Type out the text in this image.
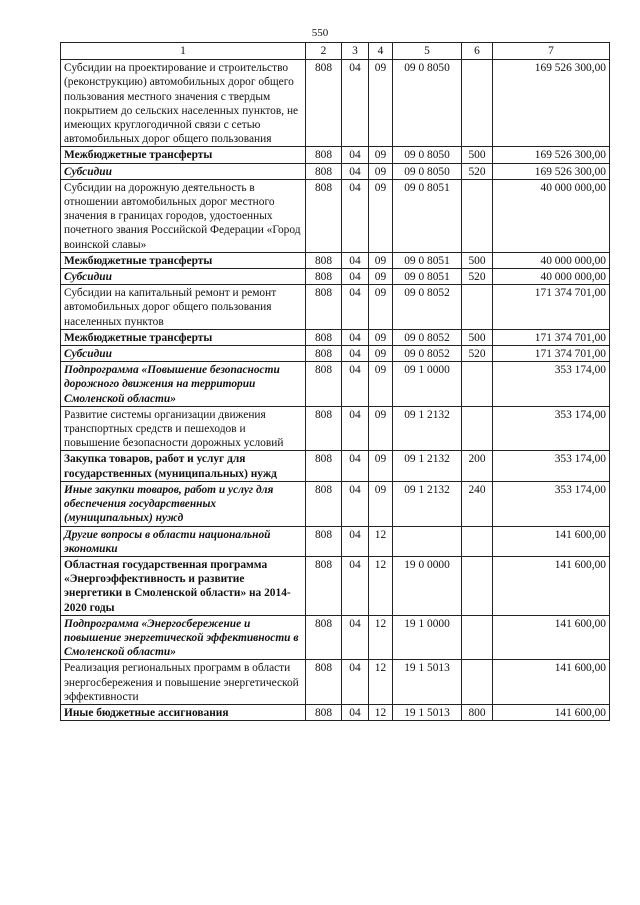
550
1	2	3	4	5	6	7
Субсидии на проектирование и строительство (реконструкцию) автомобильных дорог общего пользования местного значения с твердым покрытием до сельских населенных пунктов, не имеющих круглогодичной связи с сетью автомобильных дорог общего пользования	808	04	09	09 0 8050		169 526 300,00
Межбюджетные трансферты	808	04	09	09 0 8050	500	169 526 300,00
Субсидии	808	04	09	09 0 8050	520	169 526 300,00
Субсидии на дорожную деятельность в отношении автомобильных дорог местного значения в границах городов, удостоенных почетного звания Российской Федерации «Город воинской славы»	808	04	09	09 0 8051		40 000 000,00
Межбюджетные трансферты	808	04	09	09 0 8051	500	40 000 000,00
Субсидии	808	04	09	09 0 8051	520	40 000 000,00
Субсидии на капитальный ремонт и ремонт автомобильных дорог общего пользования населенных пунктов	808	04	09	09 0 8052		171 374 701,00
Межбюджетные трансферты	808	04	09	09 0 8052	500	171 374 701,00
Субсидии	808	04	09	09 0 8052	520	171 374 701,00
Подпрограмма «Повышение безопасности дорожного движения на территории Смоленской области»	808	04	09	09 1 0000		353 174,00
Развитие системы организации движения транспортных средств и пешеходов и повышение безопасности дорожных условий	808	04	09	09 1 2132		353 174,00
Закупка товаров, работ и услуг для государственных (муниципальных) нужд	808	04	09	09 1 2132	200	353 174,00
Иные закупки товаров, работ и услуг для обеспечения государственных (муниципальных) нужд	808	04	09	09 1 2132	240	353 174,00
Другие вопросы в области национальной экономики	808	04	12			141 600,00
Областная государственная программа «Энергоэффективность и развитие энергетики в Смоленской области» на 2014-2020 годы	808	04	12	19 0 0000		141 600,00
Подпрограмма «Энергосбережение и повышение энергетической эффективности в Смоленской области»	808	04	12	19 1 0000		141 600,00
Реализация региональных программ в области энергосбережения и повышение энергетической эффективности	808	04	12	19 1 5013		141 600,00
Иные бюджетные ассигнования	808	04	12	19 1 5013	800	141 600,00
